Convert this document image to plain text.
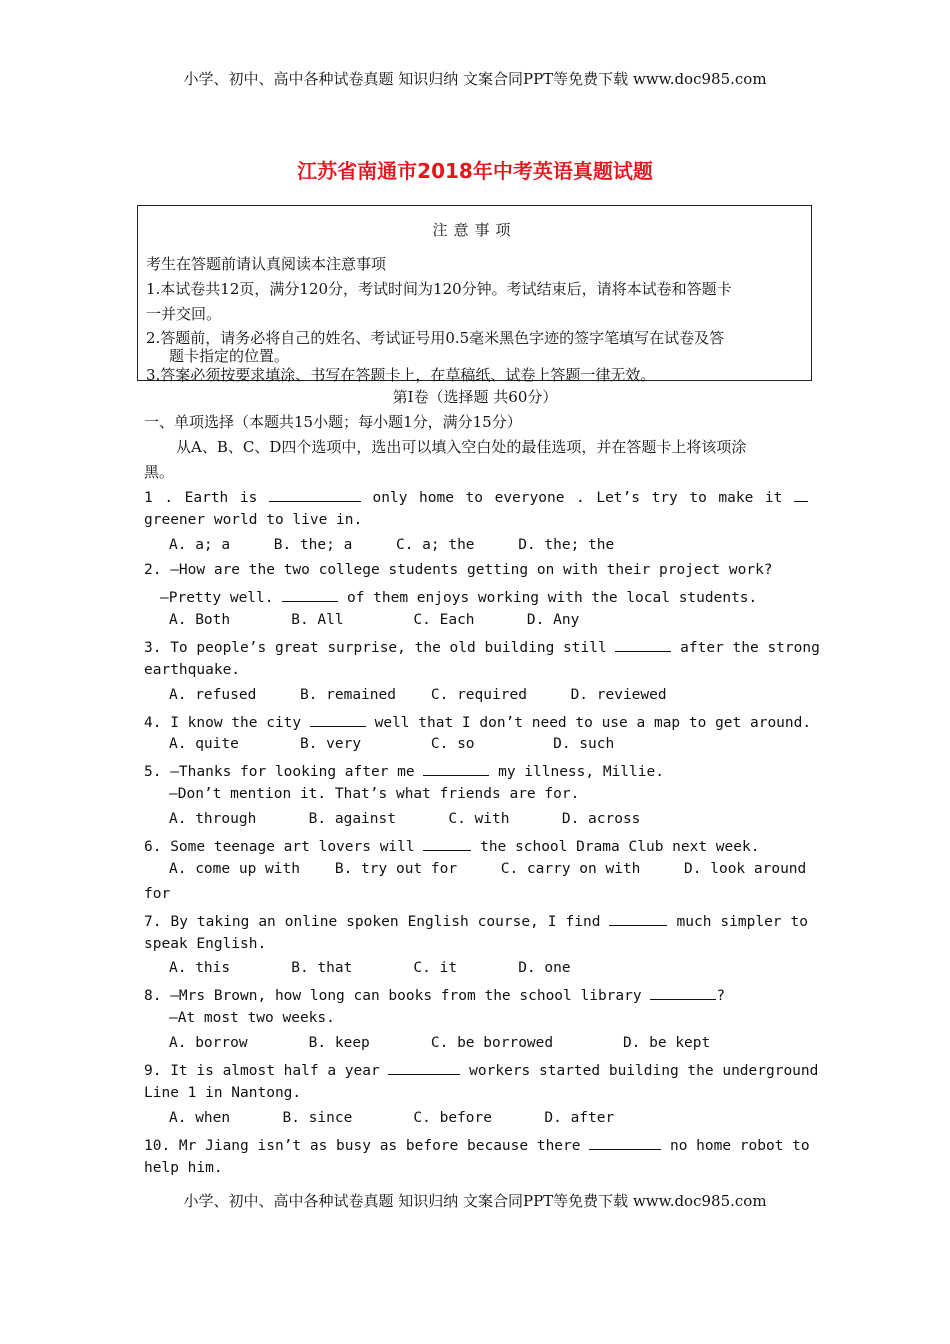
小学、初中、高中各种试卷真题 知识归纳 文案合同PPT等免费下载 www.doc985.com
江苏省南通市2018年中考英语真题试题
注意事项
考生在答题前请认真阅读本注意事项
1.本试卷共12页，满分120分，考试时间为120分钟。考试结束后，请将本试卷和答题卡
一并交回。
2.答题前，请务必将自己的姓名、考试证号用0.5毫米黑色字迹的签字笔填写在试卷及答
题卡指定的位置。
3.答案必须按要求填涂、书写在答题卡上，在草稿纸、试卷上答题一律无效。
第Ⅰ卷（选择题 共60分）
一、单项选择（本题共15小题；每小题1分，满分15分）
从A、B、C、D四个选项中，选出可以填入空白处的最佳选项，并在答题卡上将该项涂
黑。
1 . Earth is	only home to everyone . Let’s try to make it
greener world to live in.
A. a; a     B. the; a     C. a; the     D. the; the
2. —How are the two college students getting on with their project work?
—Pretty well.	of them enjoys working with the local students.
A. Both       B. All        C. Each      D. Any
3. To people’s great surprise, the old building still	after the strong
earthquake.
A. refused     B. remained    C. required     D. reviewed
4. I know the city	well that I don’t need to use a map to get around.
A. quite       B. very        C. so         D. such
5. —Thanks for looking after me	my illness, Millie.
—Don’t mention it. That’s what friends are for.
A. through      B. against      C. with      D. across
6. Some teenage art lovers will	the school Drama Club next week.
A. come up with    B. try out for     C. carry on with     D. look around
for
7. By taking an online spoken English course, I find	much simpler to
speak English.
A. this       B. that       C. it       D. one
8. —Mrs Brown, how long can books from the school library	?
—At most two weeks.
A. borrow       B. keep       C. be borrowed        D. be kept
9. It is almost half a year	workers started building the underground
Line 1 in Nantong.
A. when      B. since       C. before      D. after
10. Mr Jiang isn’t as busy as before because there	no home robot to
help him.
小学、初中、高中各种试卷真题 知识归纳 文案合同PPT等免费下载 www.doc985.com
